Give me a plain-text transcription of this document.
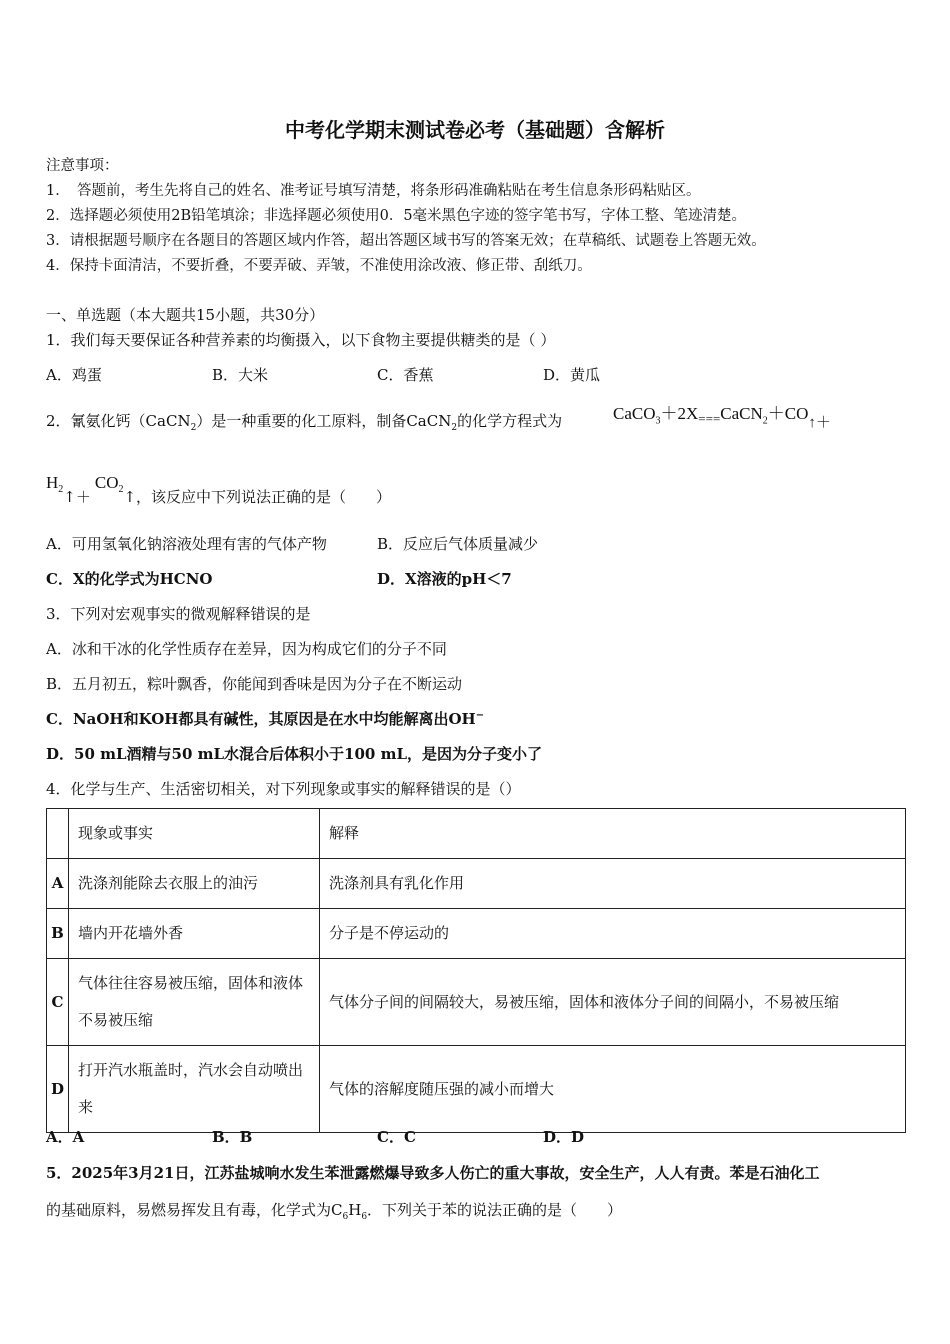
中考化学期末测试卷必考（基础题）含解析
注意事项：
1．　答题前，考生先将自己的姓名、准考证号填写清楚，将条形码准确粘贴在考生信息条形码粘贴区。
2．选择题必须使用2B铅笔填涂；非选择题必须使用0．5毫米黑色字迹的签字笔书写，字体工整、笔迹清楚。
3．请根据题号顺序在各题目的答题区域内作答，超出答题区域书写的答案无效；在草稿纸、试题卷上答题无效。
4．保持卡面清洁，不要折叠，不要弄破、弄皱，不准使用涂改液、修正带、刮纸刀。
一、单选题（本大题共15小题，共30分）
1．我们每天要保证各种营养素的均衡摄入，以下食物主要提供糖类的是（ ）
A．鸡蛋	B．大米	C．香蕉	D．黄瓜
2．氰氨化钙（CaCN$_2$）是一种重要的化工原料，制备CaCN$_2$的化学方程式为	$CaCO_3+2X_{===}CaCN_2+CO↑+$
$H_2↑+CO_2↑$，该反应中下列说法正确的是（　　）
A．可用氢氧化钠溶液处理有害的气体产物	B．反应后气体质量减少
C．X的化学式为HCNO	D．X溶液的pH＜7
3．下列对宏观事实的微观解释错误的是
A．冰和干冰的化学性质存在差异，因为构成它们的分子不同
B．五月初五，粽叶飘香，你能闻到香味是因为分子在不断运动
C．NaOH和KOH都具有碱性，其原因是在水中均能解离出OH−
D．50 mL酒精与50 mL水混合后体积小于100 mL，是因为分子变小了
4．化学与生产、生活密切相关，对下列现象或事实的解释错误的是（）
	现象或事实	解释
A	洗涤剂能除去衣服上的油污	洗涤剂具有乳化作用
B	墙内开花墙外香	分子是不停运动的
C	气体往往容易被压缩，固体和液体不易被压缩	气体分子间的间隔较大，易被压缩，固体和液体分子间的间隔小，不易被压缩
D	打开汽水瓶盖时，汽水会自动喷出来	气体的溶解度随压强的减小而增大
A．A	B．B	C．C	D．D
5．2025年3月21日，江苏盐城响水发生苯泄露燃爆导致多人伤亡的重大事故，安全生产，人人有责。苯是石油化工
的基础原料，易燃易挥发且有毒，化学式为$C_6H_6$．下列关于苯的说法正确的是（　　）
